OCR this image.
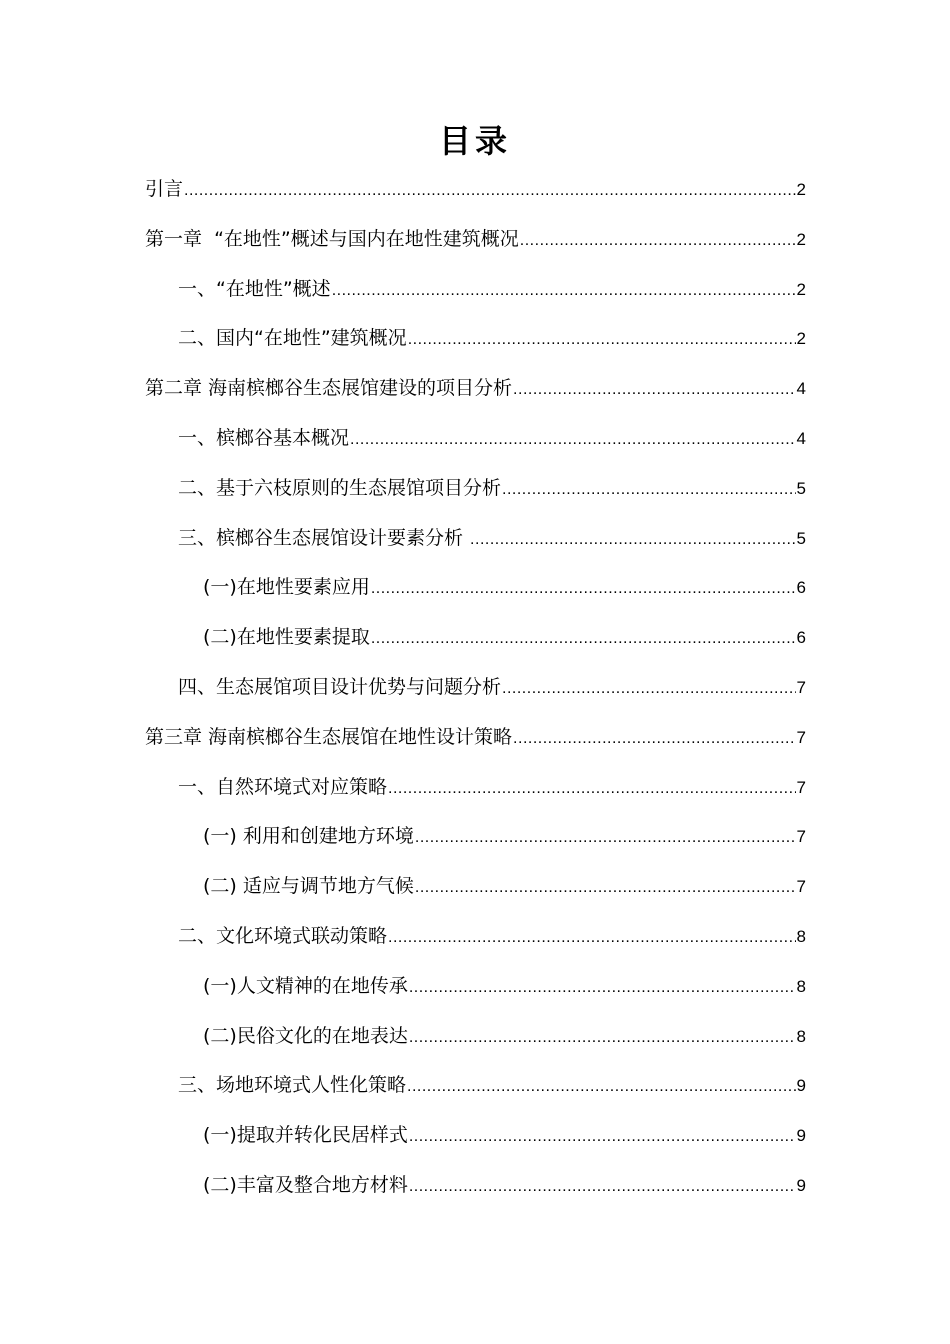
目录
引言 .....	2
第一章  “在地性”概述与国内在地性建筑概况 .....	2
一、“在地性”概述 .....	2
二、国内“在地性”建筑概况 .....	2
第二章 海南槟榔谷生态展馆建设的项目分析 .....	4
一、槟榔谷基本概况 .....	4
二、基于六枝原则的生态展馆项目分析 .....	5
三、槟榔谷生态展馆设计要素分析 .....	5
(一)在地性要素应用 .....	6
(二)在地性要素提取 .....	6
四、生态展馆项目设计优势与问题分析 .....	7
第三章 海南槟榔谷生态展馆在地性设计策略 .....	7
一、自然环境式对应策略 .....	7
(一) 利用和创建地方环境 .....	7
(二) 适应与调节地方气候 .....	7
二、文化环境式联动策略 .....	8
(一)人文精神的在地传承 .....	8
(二)民俗文化的在地表达 .....	8
三、场地环境式人性化策略 .....	9
(一)提取并转化民居样式 .....	9
(二)丰富及整合地方材料 .....	9
